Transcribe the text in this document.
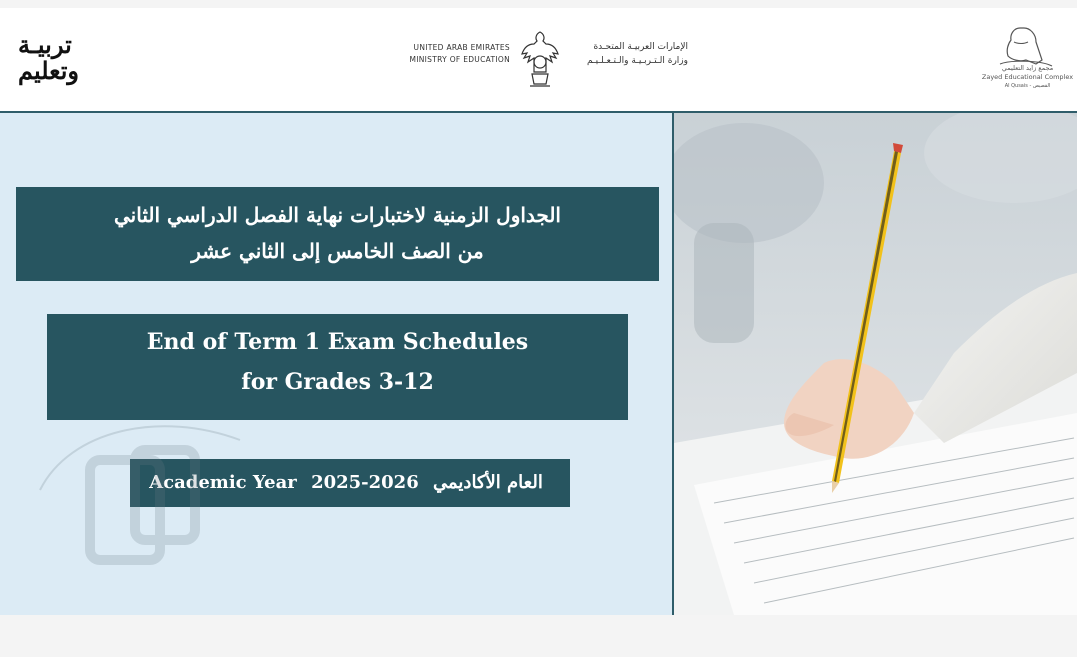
تربيـة
وتعليم
UNITED ARAB EMIRATES
MINISTRY OF EDUCATION
الإمارات العربيـة المتحـدة
وزارة الـتـربـيـة والـتـعـلـيـم
مجمع زايد التعليمي
Zayed Educational Complex
Al Qusais - القصيص
الجداول الزمنية لاختبارات نهاية الفصل الدراسي الثاني
من الصف الخامس إلى الثاني عشر
End of Term 1 Exam Schedules
for Grades 3-12
Academic Year 2025-2026 العام الأكاديمي
